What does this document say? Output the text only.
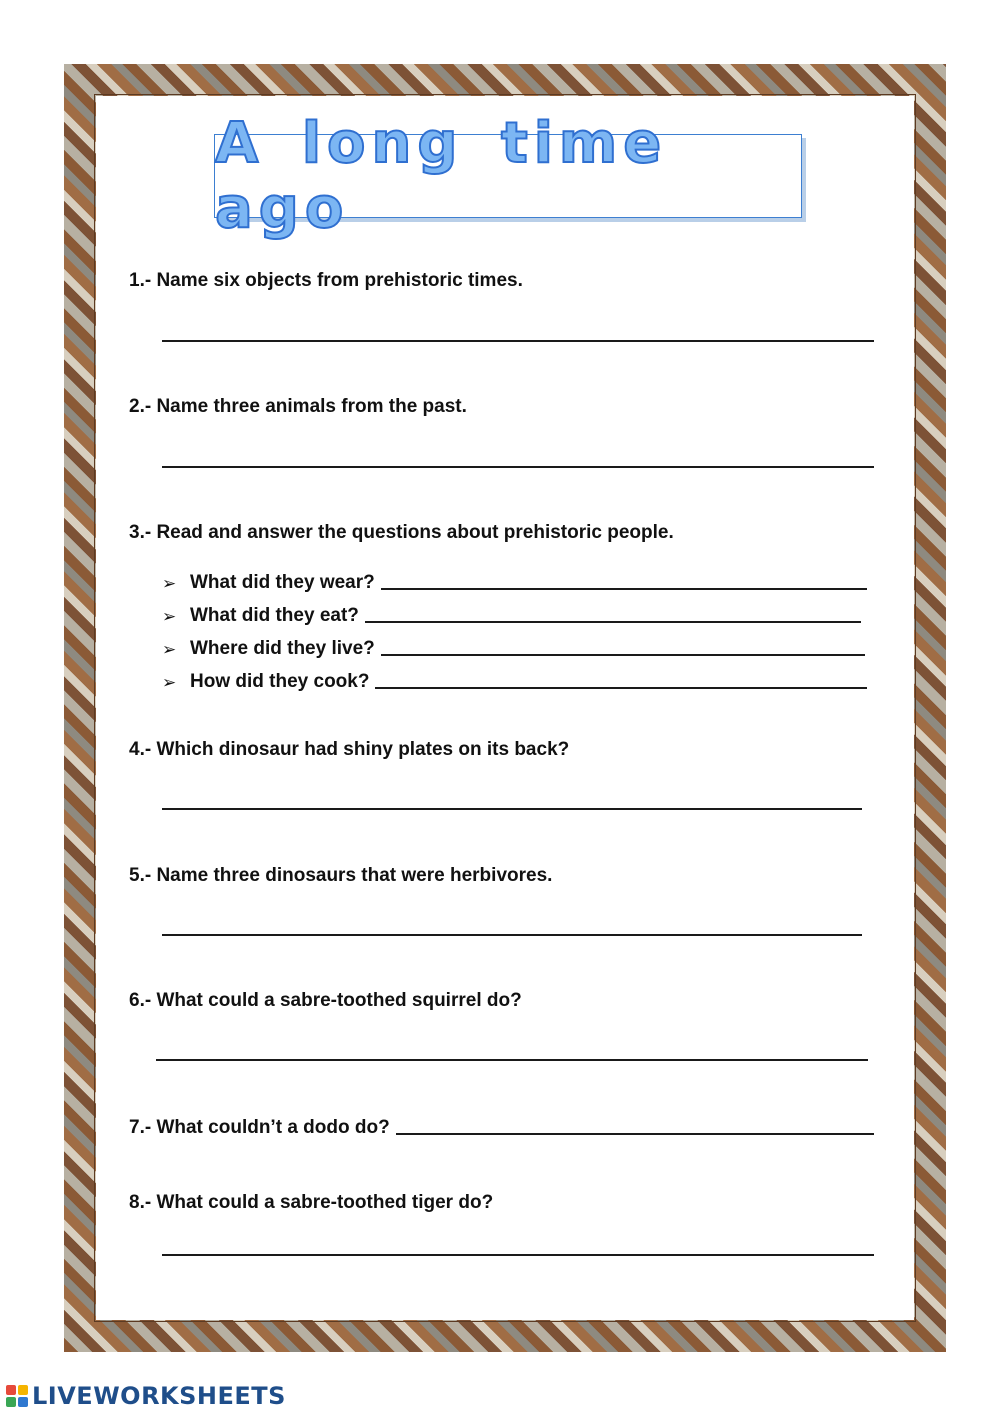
A long time ago
1.- Name six objects from prehistoric times.
2.- Name three animals from the past.
3.- Read and answer the questions about prehistoric people.
➢ What did they wear?
➢ What did they eat?
➢ Where did they live?
➢ How did they cook?
4.- Which dinosaur had shiny plates on its back?
5.- Name three dinosaurs that were herbivores.
6.- What could a sabre-toothed squirrel do?
7.- What couldn’t a dodo do?
8.- What could a sabre-toothed tiger do?
LIVEWORKSHEETS
